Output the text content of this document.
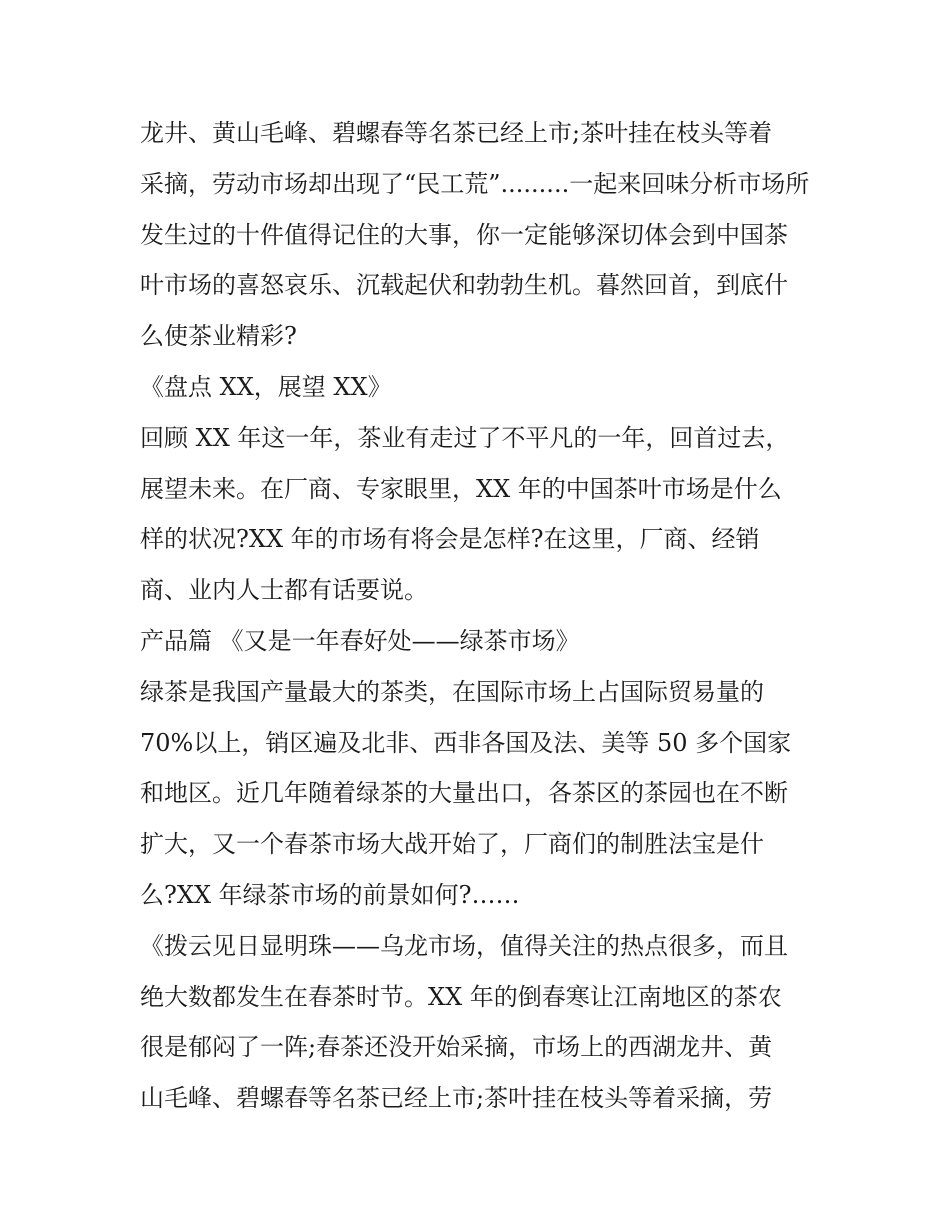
龙井、黄山毛峰、碧螺春等名茶已经上市;茶叶挂在枝头等着
采摘，劳动市场却出现了“民工荒”.........一起来回味分析市场所
发生过的十件值得记住的大事，你一定能够深切体会到中国茶
叶市场的喜怒哀乐、沉载起伏和勃勃生机。暮然回首，到底什
么使茶业精彩?
《盘点 XX，展望 XX》
回顾 XX 年这一年，茶业有走过了不平凡的一年，回首过去，
展望未来。在厂商、专家眼里，XX 年的中国茶叶市场是什么
样的状况?XX 年的市场有将会是怎样?在这里，厂商、经销
商、业内人士都有话要说。
产品篇 《又是一年春好处——绿茶市场》
绿茶是我国产量最大的茶类，在国际市场上占国际贸易量的
70%以上，销区遍及北非、西非各国及法、美等 50 多个国家
和地区。近几年随着绿茶的大量出口，各茶区的茶园也在不断
扩大，又一个春茶市场大战开始了，厂商们的制胜法宝是什
么?XX 年绿茶市场的前景如何?……
《拨云见日显明珠——乌龙市场，值得关注的热点很多，而且
绝大数都发生在春茶时节。XX 年的倒春寒让江南地区的茶农
很是郁闷了一阵;春茶还没开始采摘，市场上的西湖龙井、黄
山毛峰、碧螺春等名茶已经上市;茶叶挂在枝头等着采摘，劳
